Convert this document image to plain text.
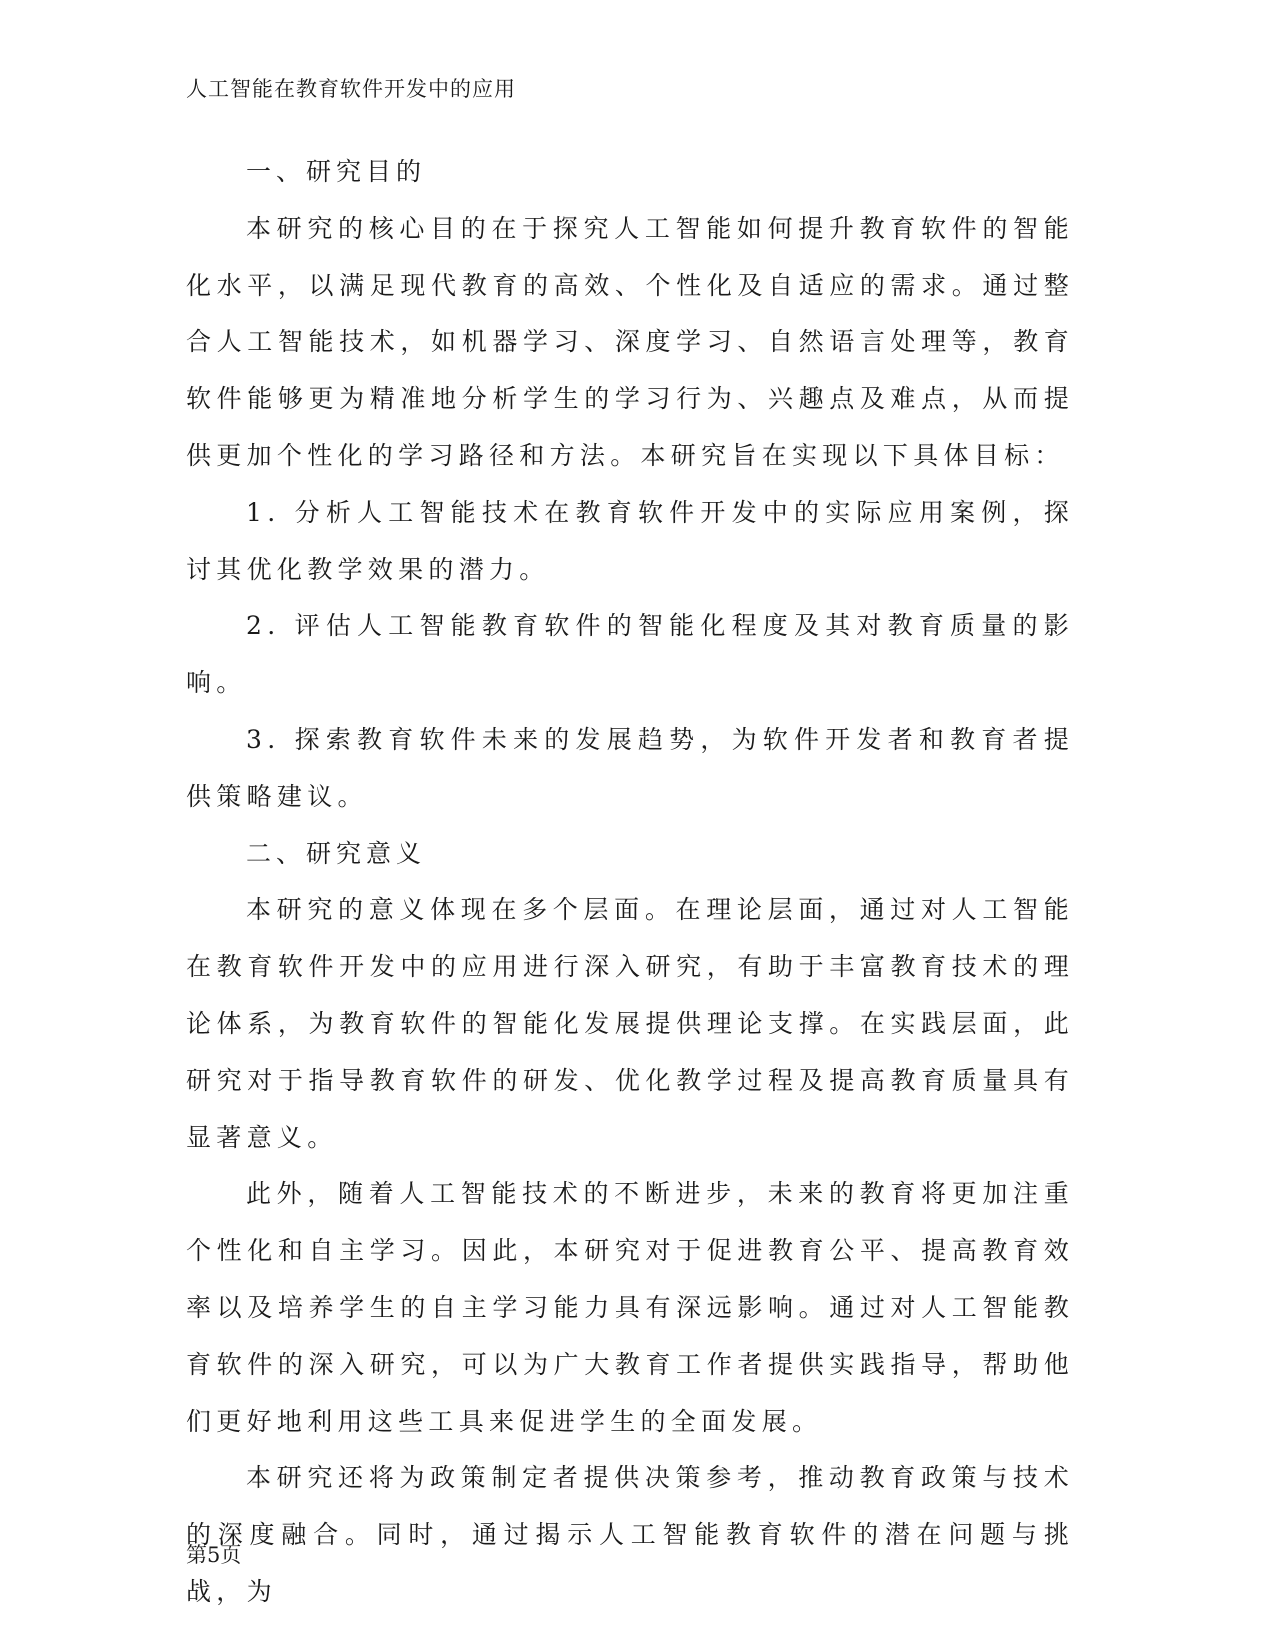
人工智能在教育软件开发中的应用

一、研究目的

本研究的核心目的在于探究人工智能如何提升教育软件的智能化水平，以满足现代教育的高效、个性化及自适应的需求。通过整合人工智能技术，如机器学习、深度学习、自然语言处理等，教育软件能够更为精准地分析学生的学习行为、兴趣点及难点，从而提供更加个性化的学习路径和方法。本研究旨在实现以下具体目标：

1. 分析人工智能技术在教育软件开发中的实际应用案例，探讨其优化教学效果的潜力。

2. 评估人工智能教育软件的智能化程度及其对教育质量的影响。

3. 探索教育软件未来的发展趋势，为软件开发者和教育者提供策略建议。

二、研究意义

本研究的意义体现在多个层面。在理论层面，通过对人工智能在教育软件开发中的应用进行深入研究，有助于丰富教育技术的理论体系，为教育软件的智能化发展提供理论支撑。在实践层面，此研究对于指导教育软件的研发、优化教学过程及提高教育质量具有显著意义。

此外，随着人工智能技术的不断进步，未来的教育将更加注重个性化和自主学习。因此，本研究对于促进教育公平、提高教育效率以及培养学生的自主学习能力具有深远影响。通过对人工智能教育软件的深入研究，可以为广大教育工作者提供实践指导，帮助他们更好地利用这些工具来促进学生的全面发展。

本研究还将为政策制定者提供决策参考，推动教育政策与技术的深度融合。同时，通过揭示人工智能教育软件的潜在问题与挑战，为

第5页
